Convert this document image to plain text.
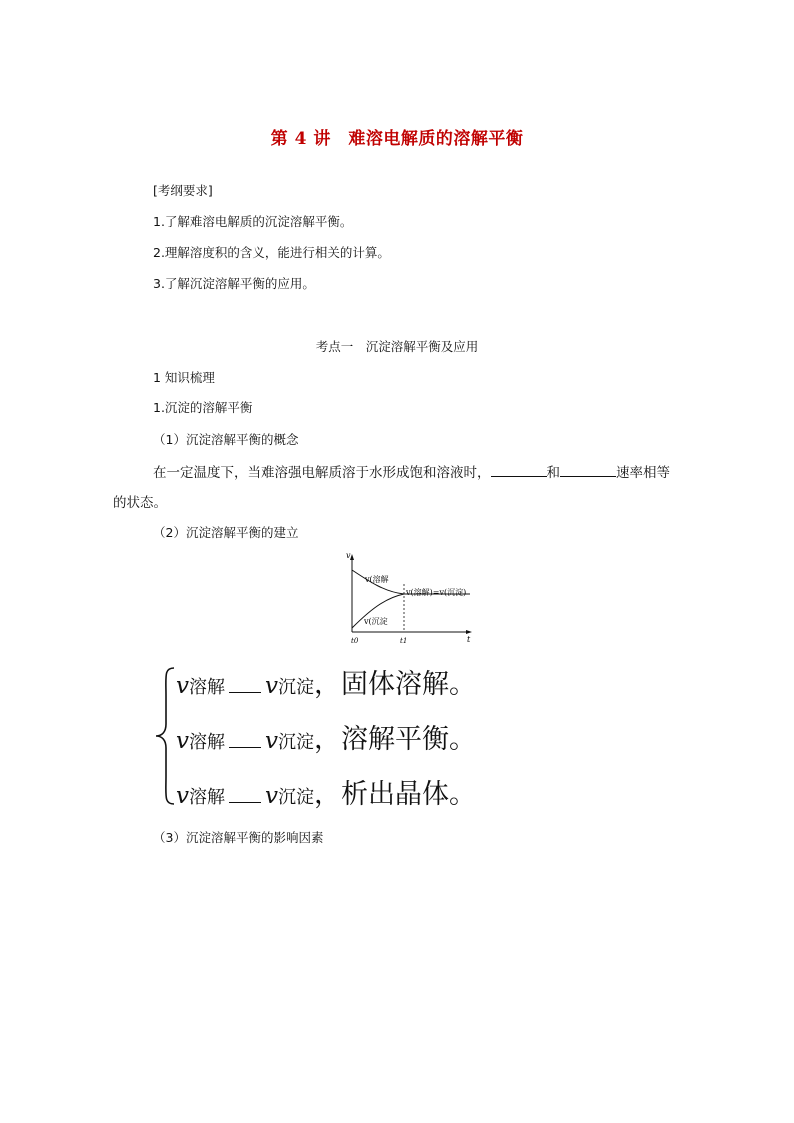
第 4 讲　难溶电解质的溶解平衡
[考纲要求]
1.了解难溶电解质的沉淀溶解平衡。
2.理解溶度积的含义，能进行相关的计算。
3.了解沉淀溶解平衡的应用。
考点一　沉淀溶解平衡及应用
1 知识梳理
1.沉淀的溶解平衡
（1）沉淀溶解平衡的概念
在一定温度下，当难溶强电解质溶于水形成饱和溶液时，	和	速率相等
的状态。
（2）沉淀溶解平衡的建立
v
t
t0	t1
v(溶解
v(沉淀
v(溶解)=v(沉淀)
v溶解 v沉淀，固体溶解。
v溶解 v沉淀，溶解平衡。
v溶解 v沉淀，析出晶体。
（3）沉淀溶解平衡的影响因素
